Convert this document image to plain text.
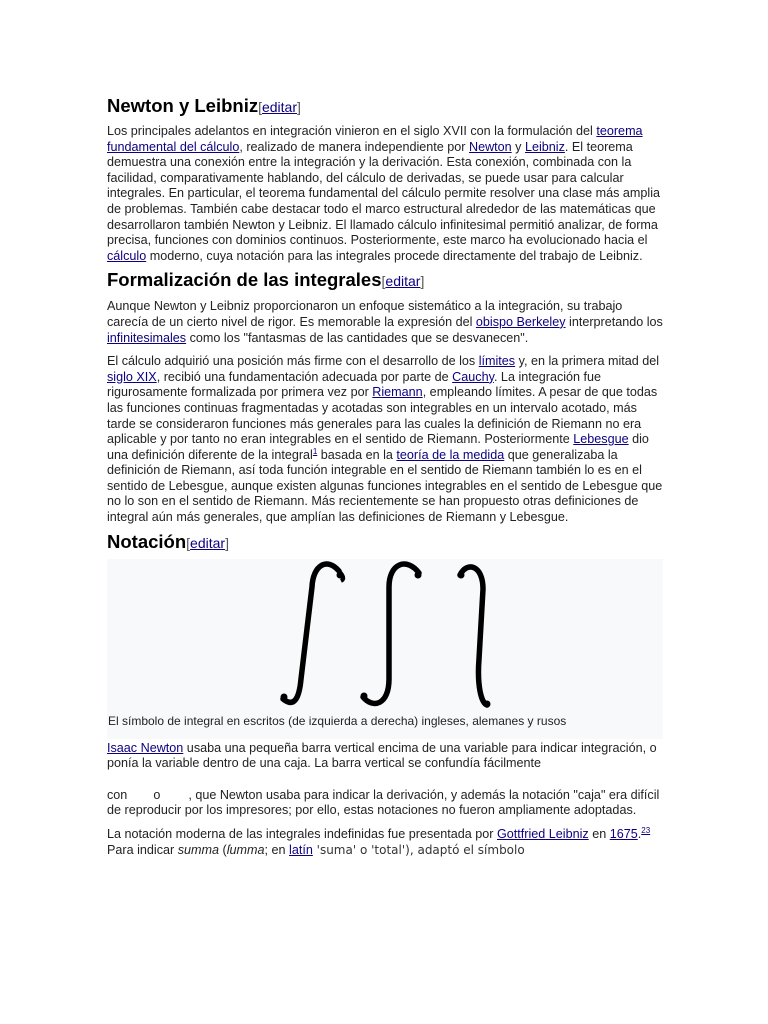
Newton y Leibniz[editar]

Los principales adelantos en integración vinieron en el siglo XVII con la formulación del teorema fundamental del cálculo, realizado de manera independiente por Newton y Leibniz. El teorema demuestra una conexión entre la integración y la derivación. Esta conexión, combinada con la facilidad, comparativamente hablando, del cálculo de derivadas, se puede usar para calcular integrales. En particular, el teorema fundamental del cálculo permite resolver una clase más amplia de problemas. También cabe destacar todo el marco estructural alrededor de las matemáticas que desarrollaron también Newton y Leibniz. El llamado cálculo infinitesimal permitió analizar, de forma precisa, funciones con dominios continuos. Posteriormente, este marco ha evolucionado hacia el cálculo moderno, cuya notación para las integrales procede directamente del trabajo de Leibniz.

Formalización de las integrales[editar]

Aunque Newton y Leibniz proporcionaron un enfoque sistemático a la integración, su trabajo carecía de un cierto nivel de rigor. Es memorable la expresión del obispo Berkeley interpretando los infinitesimales como los "fantasmas de las cantidades que se desvanecen".

El cálculo adquirió una posición más firme con el desarrollo de los límites y, en la primera mitad del siglo XIX, recibió una fundamentación adecuada por parte de Cauchy. La integración fue rigurosamente formalizada por primera vez por Riemann, empleando límites. A pesar de que todas las funciones continuas fragmentadas y acotadas son integrables en un intervalo acotado, más tarde se consideraron funciones más generales para las cuales la definición de Riemann no era aplicable y por tanto no eran integrables en el sentido de Riemann. Posteriormente Lebesgue dio una definición diferente de la integral$^1$ basada en la teoría de la medida que generalizaba la definición de Riemann, así toda función integrable en el sentido de Riemann también lo es en el sentido de Lebesgue, aunque existen algunas funciones integrables en el sentido de Lebesgue que no lo son en el sentido de Riemann. Más recientemente se han propuesto otras definiciones de integral aún más generales, que amplían las definiciones de Riemann y Lebesgue.

Notación[editar]
El símbolo de integral en escritos (de izquierda a derecha) ingleses, alemanes y rusos

Isaac Newton usaba una pequeña barra vertical encima de una variable para indicar integración, o ponía la variable dentro de una caja. La barra vertical se confundía fácilmente

con o , que Newton usaba para indicar la derivación, y además la notación "caja" era difícil de reproducir por los impresores; por ello, estas notaciones no fueron ampliamente adoptadas.

La notación moderna de las integrales indefinidas fue presentada por Gottfried Leibniz en 1675.23 Para indicar summa (ſumma; en latín 'suma' o 'total'), adaptó el símbolo
